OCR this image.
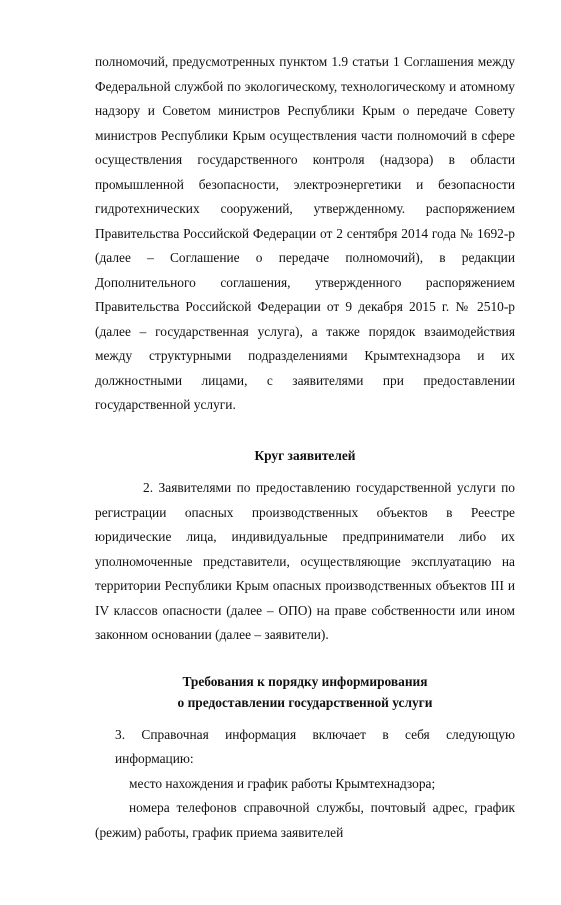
полномочий, предусмотренных пунктом 1.9 статьи 1 Соглашения между Федеральной службой по экологическому, технологическому и атомному надзору и Советом министров Республики Крым о передаче Совету министров Республики Крым осуществления части полномочий в сфере осуществления государственного контроля (надзора) в области промышленной безопасности, электроэнергетики и безопасности гидротехнических сооружений, утвержденному. распоряжением Правительства Российской Федерации от 2 сентября 2014 года № 1692-р (далее – Соглашение о передаче полномочий), в редакции Дополнительного соглашения, утвержденного распоряжением Правительства Российской Федерации от 9 декабря 2015 г. № 2510-р (далее – государственная услуга), а также порядок взаимодействия между структурными подразделениями Крымтехнадзора и их должностными лицами, с заявителями при предоставлении государственной услуги.

Круг заявителей

2. Заявителями по предоставлению государственной услуги по регистрации опасных производственных объектов в Реестре юридические лица, индивидуальные предприниматели либо их уполномоченные представители, осуществляющие эксплуатацию на территории Республики Крым опасных производственных объектов III и IV классов опасности (далее – ОПО) на праве собственности или ином законном основании (далее – заявители).

Требования к порядку информирования
о предоставлении государственной услуги

3. Справочная информация включает в себя следующую информацию:

место нахождения и график работы Крымтехнадзора;

номера телефонов справочной службы, почтовый адрес, график (режим) работы, график приема заявителей
